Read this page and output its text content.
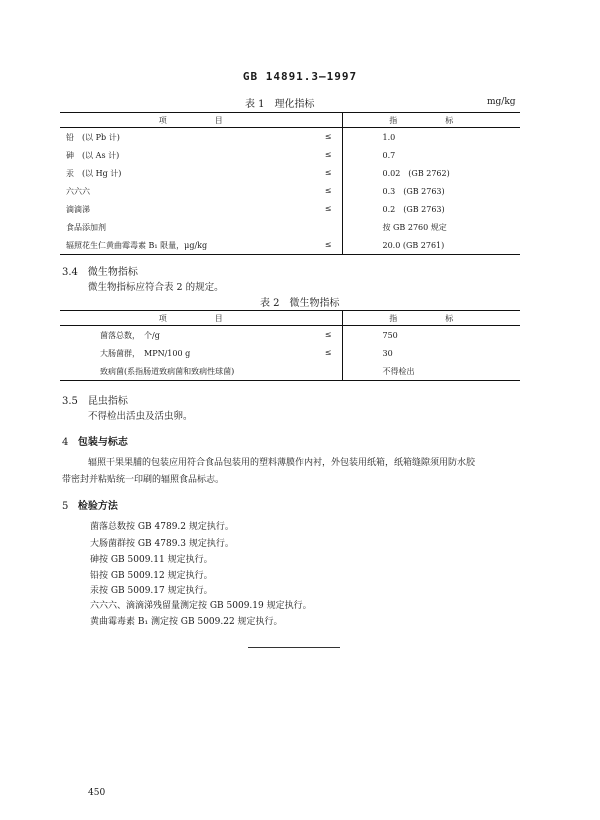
GB 14891.3—1997
表 1　理化指标	mg/kg
项　目	指　标

铅　(以 Pb 计) ≤	1.0

砷　(以 As 计) ≤	0.7

汞　(以 Hg 计) ≤	0.02　(GB 2762)

六六六 ≤	0.3　(GB 2763)

滴滴涕 ≤	0.2　(GB 2763)

食品添加剂	按 GB 2760 规定

辐照花生仁黄曲霉毒素 B₁ 限量，μg/kg ≤	20.0 (GB 2761)
3.4　微生物指标
微生物指标应符合表 2 的规定。
表 2　微生物指标
项　目	指　标

菌落总数，　个/g ≤	750

大肠菌群，　MPN/100 g ≤	30

致病菌(系指肠道致病菌和致病性球菌)	不得检出
3.5　昆虫指标
不得检出活虫及活虫卵。
4 包装与标志
辐照干果果脯的包装应用符合食品包装用的塑料薄膜作内衬，外包装用纸箱，纸箱缝隙须用防水胶
带密封并粘贴统一印刷的辐照食品标志。
5 检验方法
菌落总数按 GB 4789.2 规定执行。
大肠菌群按 GB 4789.3 规定执行。
砷按 GB 5009.11 规定执行。
铅按 GB 5009.12 规定执行。
汞按 GB 5009.17 规定执行。
六六六、滴滴涕残留量测定按 GB 5009.19 规定执行。
黄曲霉毒素 B₁ 测定按 GB 5009.22 规定执行。
450
